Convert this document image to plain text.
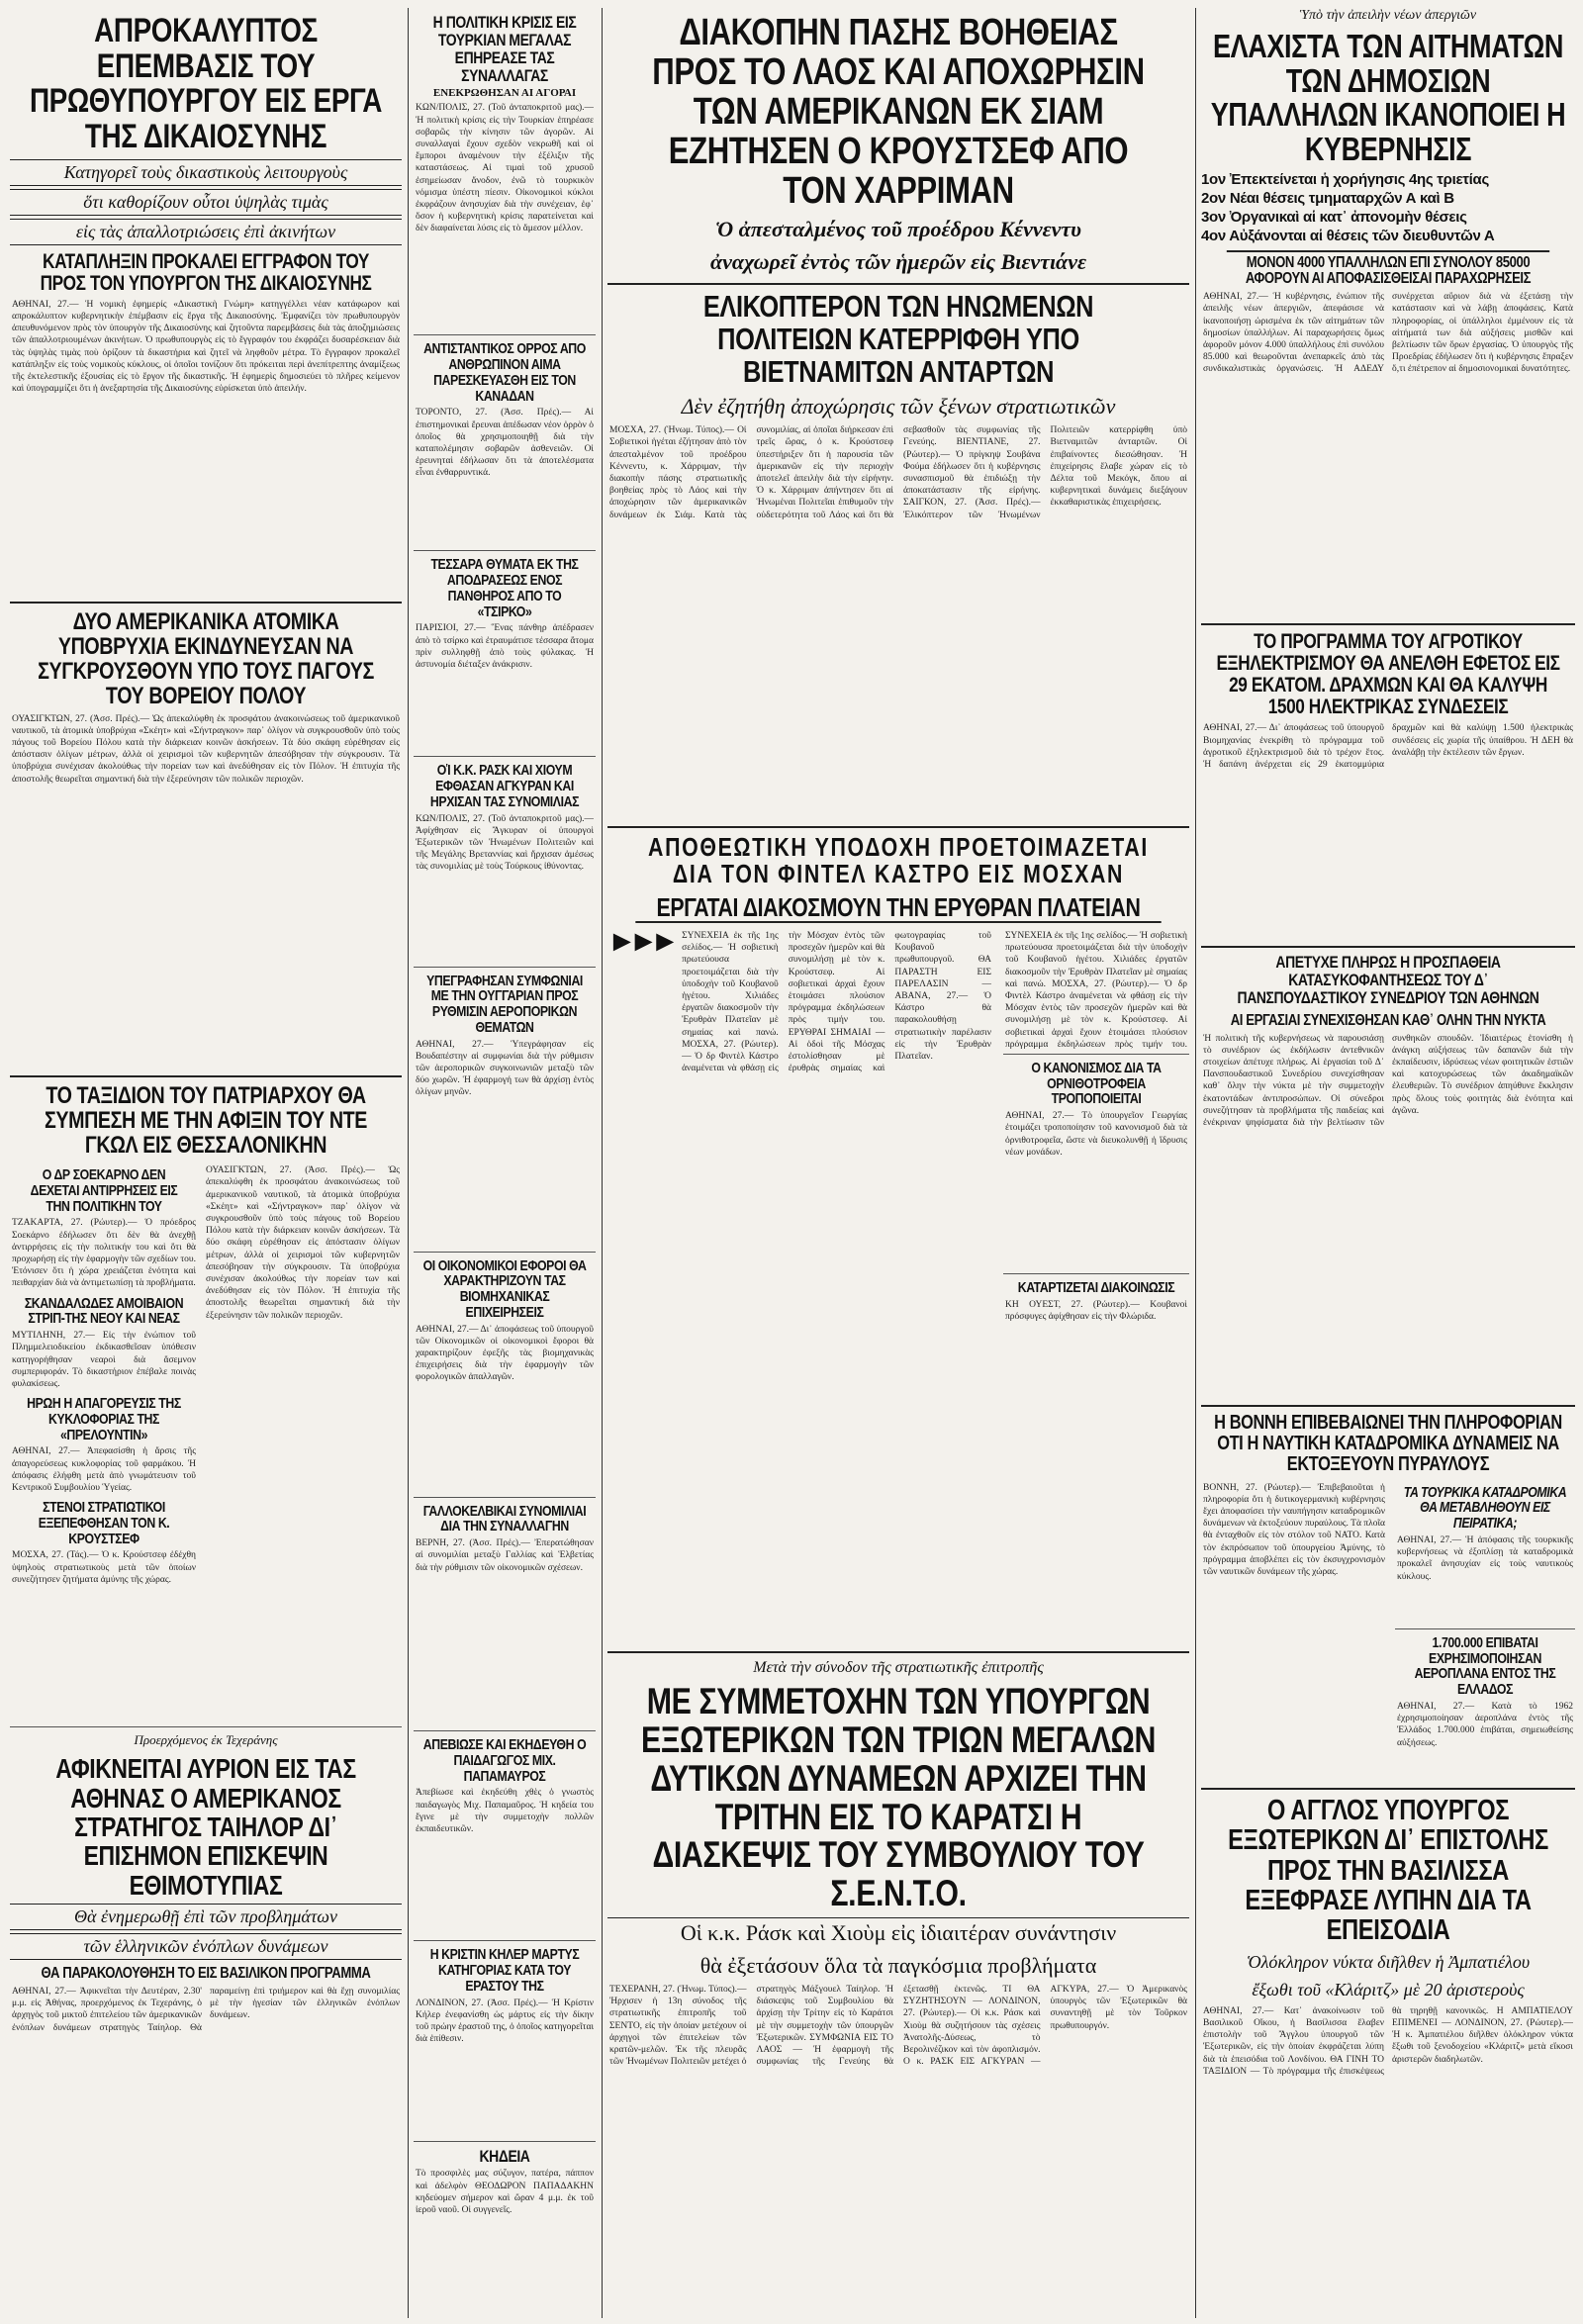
ΑΠΡΟΚΑΛΥΠΤΟΣ ΕΠΕΜΒΑΣΙΣ ΤΟΥ ΠΡΩΘΥΠΟΥΡΓΟΥ ΕΙΣ ΕΡΓΑ ΤΗΣ ΔΙΚΑΙΟΣΥΝΗΣ
Κατηγορεῖ τοὺς δικαστικοὺς λειτουργοὺς
ὅτι καθορίζουν οὗτοι ὑψηλὰς τιμὰς
εἰς τὰς ἀπαλλοτριώσεις ἐπὶ ἀκινήτων
ΚΑΤΑΠΛΗΞΙΝ ΠΡΟΚΑΛΕΙ ΕΓΓΡΑΦΟΝ ΤΟΥ ΠΡΟΣ ΤΟΝ ΥΠΟΥΡΓΟΝ ΤΗΣ ΔΙΚΑΙΟΣΥΝΗΣ
ΑΘΗΝΑΙ, 27.— Ἡ νομικὴ ἐφημερίς «Δικαστικὴ Γνώμη» κατηγγέλλει νέαν κατάφωρον καὶ απροκάλυπτον κυβερνητικὴν ἐπέμβασιν εἰς ἔργα τῆς Δικαιοσύνης. Ἐμφανίζει τὸν πρωθυπουργὸν ἀπευθυνόμενον πρὸς τὸν ὑπουργὸν τῆς Δικαιοσύνης καὶ ζητοῦντα παρεμβάσεις διὰ τὰς ἀποζημιώσεις τῶν ἀπαλλοτριουμένων ἀκινήτων. Ὁ πρωθυπουργὸς εἰς τὸ ἔγγραφόν του ἐκφράζει δυσαρέσκειαν διὰ τὰς ὑψηλὰς τιμὰς ποὺ ὁρίζουν τὰ δικαστήρια καὶ ζητεῖ νὰ ληφθοῦν μέτρα. Τὸ ἔγγραφον προκαλεῖ κατάπληξιν εἰς τοὺς νομικοὺς κύκλους, οἱ ὁποῖοι τονίζουν ὅτι πρόκειται περὶ ἀνεπίτρεπτης ἀναμίξεως τῆς ἐκτελεστικῆς ἐξουσίας εἰς τὸ ἔργον τῆς δικαστικῆς. Ἡ ἐφημερὶς δημοσιεύει τὸ πλῆρες κείμενον καὶ ὑπογραμμίζει ὅτι ἡ ἀνεξαρτησία τῆς Δικαιοσύνης εὑρίσκεται ὑπὸ ἀπειλήν.
ΔΥΟ ΑΜΕΡΙΚΑΝΙΚΑ ΑΤΟΜΙΚΑ ΥΠΟΒΡΥΧΙΑ ΕΚΙΝΔΥΝΕΥΣΑΝ ΝΑ ΣΥΓΚΡΟΥΣΘΟΥΝ ΥΠΟ ΤΟΥΣ ΠΑΓΟΥΣ ΤΟΥ ΒΟΡΕΙΟΥ ΠΟΛΟΥ
ΟΥΑΣΙΓΚΤΩΝ, 27. (Ἀσσ. Πρές).— Ὡς ἀπεκαλύφθη ἐκ προσφάτου ἀνακοινώσεως τοῦ ἀμερικανικοῦ ναυτικοῦ, τὰ ἀτομικὰ ὑποβρύχια «Σκέητ» καὶ «Σήντραγκον» παρ᾽ ὀλίγον νὰ συγκρουσθοῦν ὑπὸ τοὺς πάγους τοῦ Βορείου Πόλου κατὰ τὴν διάρκειαν κοινῶν ἀσκήσεων. Τὰ δύο σκάφη εὑρέθησαν εἰς ἀπόστασιν ὀλίγων μέτρων, ἀλλὰ οἱ χειρισμοὶ τῶν κυβερνητῶν ἀπεσόβησαν τὴν σύγκρουσιν. Τὰ ὑποβρύχια συνέχισαν ἀκολούθως τὴν πορείαν των καὶ ἀνεδύθησαν εἰς τὸν Πόλον. Ἡ ἐπιτυχία τῆς ἀποστολῆς θεωρεῖται σημαντική διὰ τὴν ἐξερεύνησιν τῶν πολικῶν περιοχῶν.
ΤΟ ΤΑΞΙΔΙΟΝ ΤΟΥ ΠΑΤΡΙΑΡΧΟΥ ΘΑ ΣΥΜΠΕΣΗ ΜΕ ΤΗΝ ΑΦΙΞΙΝ ΤΟΥ ΝΤΕ ΓΚΩΛ ΕΙΣ ΘΕΣΣΑΛΟΝΙΚΗΝ
Ο ΔΡ ΣΟΕΚΑΡΝΟ ΔΕΝ ΔΕΧΕΤΑΙ ΑΝΤΙΡΡΗΣΕΙΣ ΕΙΣ ΤΗΝ ΠΟΛΙΤΙΚΗΝ ΤΟΥ
ΤΖΑΚΑΡΤΑ, 27. (Ρώυτερ).— Ὁ πρόεδρος Σοεκάρνο ἐδήλωσεν ὅτι δὲν θὰ ἀνεχθῇ ἀντιρρήσεις εἰς τὴν πολιτικήν του καὶ ὅτι θὰ προχωρήσῃ εἰς τὴν ἐφαρμογὴν τῶν σχεδίων του. Ἐτόνισεν ὅτι ἡ χώρα χρειάζεται ἑνότητα καὶ πειθαρχίαν διὰ νὰ ἀντιμετωπίσῃ τὰ προβλήματα.
ΣΚΑΝΔΑΛΩΔΕΣ ΑΜΟΙΒΑΙΟΝ ΣΤΡΙΠ-ΤΗΣ ΝΕΟΥ ΚΑΙ ΝΕΑΣ
ΜΥΤΙΛΗΝΗ, 27.— Εἰς τὴν ἐνώπιον τοῦ Πλημμελειοδικείου ἐκδικασθεῖσαν ὑπόθεσιν κατηγορήθησαν νεαροὶ διὰ ἄσεμνον συμπεριφοράν. Τὸ δικαστήριον ἐπέβαλε ποινὰς φυλακίσεως.
ΗΡΩΗ Η ΑΠΑΓΟΡΕΥΣΙΣ ΤΗΣ ΚΥΚΛΟΦΟΡΙΑΣ ΤΗΣ «ΠΡΕΛΟΥΝΤΙΝ»
ΑΘΗΝΑΙ, 27.— Ἀπεφασίσθη ἡ ἄρσις τῆς ἀπαγορεύσεως κυκλοφορίας τοῦ φαρμάκου. Ἡ ἀπόφασις ἐλήφθη μετὰ ἀπὸ γνωμάτευσιν τοῦ Κεντρικοῦ Συμβουλίου Ὑγείας.
ΣΤΕΝΟΙ ΣΤΡΑΤΙΩΤΙΚΟΙ ΕΞΕΠΕΦΘΗΣΑΝ ΤΟΝ Κ. ΚΡΟΥΣΤΣΕΦ
ΜΟΣΧΑ, 27. (Τάς).— Ὁ κ. Κρούστσεφ ἐδέχθη ὑψηλοὺς στρατιωτικοὺς μετὰ τῶν ὁποίων συνεζήτησεν ζητήματα ἀμύνης τῆς χώρας.
ΟΥΑΣΙΓΚΤΩΝ, 27. (Ἀσσ. Πρές).— Ὡς ἀπεκαλύφθη ἐκ προσφάτου ἀνακοινώσεως τοῦ ἀμερικανικοῦ ναυτικοῦ, τὰ ἀτομικὰ ὑποβρύχια «Σκέητ» καὶ «Σήντραγκον» παρ᾽ ὀλίγον νὰ συγκρουσθοῦν ὑπὸ τοὺς πάγους τοῦ Βορείου Πόλου κατὰ τὴν διάρκειαν κοινῶν ἀσκήσεων. Τὰ δύο σκάφη εὑρέθησαν εἰς ἀπόστασιν ὀλίγων μέτρων, ἀλλὰ οἱ χειρισμοὶ τῶν κυβερνητῶν ἀπεσόβησαν τὴν σύγκρουσιν. Τὰ ὑποβρύχια συνέχισαν ἀκολούθως τὴν πορείαν των καὶ ἀνεδύθησαν εἰς τὸν Πόλον. Ἡ ἐπιτυχία τῆς ἀποστολῆς θεωρεῖται σημαντική διὰ τὴν ἐξερεύνησιν τῶν πολικῶν περιοχῶν.
Προερχόμενος ἐκ Τεχεράνης
ΑΦΙΚΝΕΙΤΑΙ ΑΥΡΙΟΝ ΕΙΣ ΤΑΣ ΑΘΗΝΑΣ Ο ΑΜΕΡΙΚΑΝΟΣ ΣΤΡΑΤΗΓΟΣ ΤΑΙΗΛΟΡ ΔΙ᾽ ΕΠΙΣΗΜΟΝ ΕΠΙΣΚΕΨΙΝ ΕΘΙΜΟΤΥΠΙΑΣ
Θὰ ἐνημερωθῇ ἐπὶ τῶν προβλημάτων
τῶν ἑλληνικῶν ἐνόπλων δυνάμεων
ΘΑ ΠΑΡΑΚΟΛΟΥΘΗΣΗ ΤΟ ΕΙΣ ΒΑΣΙΛΙΚΟΝ ΠΡΟΓΡΑΜΜΑ
ΑΘΗΝΑΙ, 27.— Ἀφικνεῖται τὴν Δευτέραν, 2.30' μ.μ. εἰς Ἀθήνας, προερχόμενος ἐκ Τεχεράνης, ὁ ἀρχηγὸς τοῦ μικτοῦ ἐπιτελείου τῶν ἀμερικανικῶν ἐνόπλων δυνάμεων στρατηγὸς Ταίηλορ. Θὰ παραμείνῃ ἐπὶ τριήμερον καὶ θὰ ἔχῃ συνομιλίας μὲ τὴν ἡγεσίαν τῶν ἑλληνικῶν ἐνόπλων δυνάμεων.
Η ΠΟΛΙΤΙΚΗ ΚΡΙΣΙΣ ΕΙΣ ΤΟΥΡΚΙΑΝ ΜΕΓΑΛΑΣ ΕΠΗΡΕΑΣΕ ΤΑΣ ΣΥΝΑΛΛΑΓΑΣ
ΕΝΕΚΡΩΘΗΣΑΝ ΑΙ ΑΓΟΡΑΙ
ΚΩΝ/ΠΟΛΙΣ, 27. (Τοῦ ἀνταποκριτοῦ μας).— Ἡ πολιτικὴ κρίσις εἰς τὴν Τουρκίαν ἐπηρέασε σοβαρῶς τὴν κίνησιν τῶν ἀγορῶν. Αἱ συναλλαγαὶ ἔχουν σχεδὸν νεκρωθῆ καὶ οἱ ἔμποροι ἀναμένουν τὴν ἐξέλιξιν τῆς καταστάσεως. Αἱ τιμαὶ τοῦ χρυσοῦ ἐσημείωσαν ἄνοδον, ἐνῶ τὸ τουρκικὸν νόμισμα ὑπέστη πίεσιν. Οἰκονομικοὶ κύκλοι ἐκφράζουν ἀνησυχίαν διὰ τὴν συνέχειαν, ἐφ᾽ ὅσον ἡ κυβερνητικὴ κρίσις παρατείνεται καὶ δὲν διαφαίνεται λύσις εἰς τὸ ἄμεσον μέλλον.
ΑΝΤΙΣΤΑΝΤΙΚΟΣ ΟΡΡΟΣ ΑΠΟ ΑΝΘΡΩΠΙΝΟΝ ΑΙΜΑ ΠΑΡΕΣΚΕΥΑΣΘΗ ΕΙΣ ΤΟΝ ΚΑΝΑΔΑΝ
ΤΟΡΟΝΤΟ, 27. (Ἀσσ. Πρές).— Αἱ ἐπιστημονικαὶ ἔρευναι ἀπέδωσαν νέον ὀρρὸν ὁ ὁποῖος θὰ χρησιμοποιηθῇ διὰ τὴν καταπολέμησιν σοβαρῶν ἀσθενειῶν. Οἱ ἐρευνηταὶ ἐδήλωσαν ὅτι τὰ ἀποτελέσματα εἶναι ἐνθαρρυντικά.
ΤΕΣΣΑΡΑ ΘΥΜΑΤΑ ΕΚ ΤΗΣ ΑΠΟΔΡΑΣΕΩΣ ΕΝΟΣ ΠΑΝΘΗΡΟΣ ΑΠΟ ΤΟ «ΤΣΙΡΚΟ»
ΠΑΡΙΣΙΟΙ, 27.— Ἕνας πάνθηρ ἀπέδρασεν ἀπὸ τὸ τσίρκο καὶ ἐτραυμάτισε τέσσαρα ἄτομα πρὶν συλληφθῇ ἀπὸ τοὺς φύλακας. Ἡ ἀστυνομία διέταξεν ἀνάκρισιν.
ΟἹ Κ.Κ. ΡΑΣΚ ΚΑΙ ΧΙΟΥΜ ΕΦΘΑΣΑΝ ΑΓΚΥΡΑΝ ΚΑΙ ΗΡΧΙΣΑΝ ΤΑΣ ΣΥΝΟΜΙΛΙΑΣ
ΚΩΝ/ΠΟΛΙΣ, 27. (Τοῦ ἀνταποκριτοῦ μας).— Ἀφίχθησαν εἰς Ἄγκυραν οἱ ὑπουργοὶ Ἐξωτερικῶν τῶν Ἡνωμένων Πολιτειῶν καὶ τῆς Μεγάλης Βρεταννίας καὶ ἤρχισαν ἀμέσως τὰς συνομιλίας μὲ τοὺς Τούρκους ἰθύνοντας.
ΥΠΕΓΡΑΦΗΣΑΝ ΣΥΜΦΩΝΙΑΙ ΜΕ ΤΗΝ ΟΥΓΓΑΡΙΑΝ ΠΡΟΣ ΡΥΘΜΙΣΙΝ ΑΕΡΟΠΟΡΙΚΩΝ ΘΕΜΑΤΩΝ
ΑΘΗΝΑΙ, 27.— Ὑπεγράφησαν εἰς Βουδαπέστην αἱ συμφωνίαι διὰ τὴν ρύθμισιν τῶν ἀεροπορικῶν συγκοινωνιῶν μεταξὺ τῶν δύο χωρῶν. Ἡ ἐφαρμογή των θὰ ἀρχίσῃ ἐντὸς ὀλίγων μηνῶν.
ΟΙ ΟΙΚΟΝΟΜΙΚΟΙ ΕΦΟΡΟΙ ΘΑ ΧΑΡΑΚΤΗΡΙΖΟΥΝ ΤΑΣ ΒΙΟΜΗΧΑΝΙΚΑΣ ΕΠΙΧΕΙΡΗΣΕΙΣ
ΑΘΗΝΑΙ, 27.— Δι᾽ ἀποφάσεως τοῦ ὑπουργοῦ τῶν Οἰκονομικῶν οἱ οἰκονομικοὶ ἔφοροι θὰ χαρακτηρίζουν ἐφεξῆς τὰς βιομηχανικὰς ἐπιχειρήσεις διὰ τὴν ἐφαρμογὴν τῶν φορολογικῶν ἀπαλλαγῶν.
ΓΑΛΛΟΚΕΛΒΙΚΑΙ ΣΥΝΟΜΙΛΙΑΙ ΔΙΑ ΤΗΝ ΣΥΝΑΛΛΑΓΗΝ
ΒΕΡΝΗ, 27. (Ἀσσ. Πρές).— Ἐπερατώθησαν αἱ συνομιλίαι μεταξὺ Γαλλίας καὶ Ἑλβετίας διὰ τὴν ρύθμισιν τῶν οἰκονομικῶν σχέσεων.
ΑΠΕΒΙΩΣΕ ΚΑΙ ΕΚΗΔΕΥΘΗ Ο ΠΑΙΔΑΓΩΓΟΣ ΜΙΧ. ΠΑΠΑΜΑΥΡΟΣ
Ἀπεβίωσε καὶ ἐκηδεύθη χθὲς ὁ γνωστὸς παιδαγωγὸς Μιχ. Παπαμαῦρος. Ἡ κηδεία του ἔγινε μὲ τὴν συμμετοχὴν πολλῶν ἐκπαιδευτικῶν.
Η ΚΡΙΣΤΙΝ ΚΗΛΕΡ ΜΑΡΤΥΣ ΚΑΤΗΓΟΡΙΑΣ ΚΑΤΑ ΤΟΥ ΕΡΑΣΤΟΥ ΤΗΣ
ΛΟΝΔΙΝΟΝ, 27. (Ἀσσ. Πρές).— Ἡ Κρίστιν Κήλερ ἐνεφανίσθη ὡς μάρτυς εἰς τὴν δίκην τοῦ πρώην ἐραστοῦ της, ὁ ὁποῖος κατηγορεῖται διὰ ἐπίθεσιν.
ΚΗΔΕΙΑ
Τὸ προσφιλὲς μας σύζυγον, πατέρα, πάππον καὶ ἀδελφὸν ΘΕΟΔΩΡΟΝ ΠΑΠΑΔΑΚΗΝ κηδεύομεν σήμερον καὶ ὥραν 4 μ.μ. ἐκ τοῦ ἱεροῦ ναοῦ. Οἱ συγγενεῖς.
ΔΙΑΚΟΠΗΝ ΠΑΣΗΣ ΒΟΗΘΕΙΑΣ ΠΡΟΣ ΤΟ ΛΑΟΣ ΚΑΙ ΑΠΟΧΩΡΗΣΙΝ ΤΩΝ ΑΜΕΡΙΚΑΝΩΝ ΕΚ ΣΙΑΜ ΕΖΗΤΗΣΕΝ Ο ΚΡΟΥΣΤΣΕΦ ΑΠΟ ΤΟΝ ΧΑΡΡΙΜΑΝ
Ὁ ἀπεσταλμένος τοῦ προέδρου Κέννεντυ
ἀναχωρεῖ ἐντὸς τῶν ἡμερῶν εἰς Βιεντιάνε
ΕΛΙΚΟΠΤΕΡΟΝ ΤΩΝ ΗΝΩΜΕΝΩΝ ΠΟΛΙΤΕΙΩΝ ΚΑΤΕΡΡΙΦΘΗ ΥΠΟ ΒΙΕΤΝΑΜΙΤΩΝ ΑΝΤΑΡΤΩΝ
Δὲν ἐζητήθη ἀποχώρησις τῶν ξένων στρατιωτικῶν
ΜΟΣΧΑ, 27. (Ἡνωμ. Τύπος).— Οἱ Σοβιετικοὶ ἡγέται ἐζήτησαν ἀπὸ τὸν ἀπεσταλμένον τοῦ προέδρου Κέννεντυ, κ. Χάρριμαν, τὴν διακοπὴν πάσης στρατιωτικῆς βοηθείας πρὸς τὸ Λάος καὶ τὴν ἀποχώρησιν τῶν ἀμερικανικῶν δυνάμεων ἐκ Σιάμ. Κατὰ τὰς συνομιλίας, αἱ ὁποῖαι διήρκεσαν ἐπὶ τρεῖς ὥρας, ὁ κ. Κρούστσεφ ὑπεστήριξεν ὅτι ἡ παρουσία τῶν ἀμερικανῶν εἰς τὴν περιοχὴν ἀποτελεῖ ἀπειλὴν διὰ τὴν εἰρήνην. Ὁ κ. Χάρριμαν ἀπήντησεν ὅτι αἱ Ἡνωμέναι Πολιτεῖαι ἐπιθυμοῦν τὴν οὐδετερότητα τοῦ Λάος καὶ ὅτι θὰ σεβασθοῦν τὰς συμφωνίας τῆς Γενεύης. ΒΙΕΝΤΙΑΝΕ, 27. (Ρώυτερ).— Ὁ πρίγκηψ Σουβάνα Φούμα ἐδήλωσεν ὅτι ἡ κυβέρνησις συνασπισμοῦ θὰ ἐπιδιώξῃ τὴν ἀποκατάστασιν τῆς εἰρήνης. ΣΑΙΓΚΟΝ, 27. (Ἀσσ. Πρές).— Ἑλικόπτερον τῶν Ἡνωμένων Πολιτειῶν κατερρίφθη ὑπὸ Βιετναμιτῶν ἀνταρτῶν. Οἱ ἐπιβαίνοντες διεσώθησαν. Ἡ ἐπιχείρησις ἔλαβε χώραν εἰς τὸ Δέλτα τοῦ Μεκόγκ, ὅπου αἱ κυβερνητικαὶ δυνάμεις διεξάγουν ἐκκαθαριστικὰς ἐπιχειρήσεις.
ΑΠΟΘΕΩΤΙΚΗ ΥΠΟΔΟΧΗ ΠΡΟΕΤΟΙΜΑΖΕΤΑΙ ΔΙΑ ΤΟΝ ΦΙΝΤΕΛ ΚΑΣΤΡΟ ΕΙΣ ΜΟΣΧΑΝ
ΕΡΓΑΤΑΙ ΔΙΑΚΟΣΜΟΥΝ ΤΗΝ ΕΡΥΘΡΑΝ ΠΛΑΤΕΙΑΝ
►►► ΣΥΝΕΧΕΙΑ ἐκ τῆς 1ης σελίδος.— Ἡ σοβιετικὴ πρωτεύουσα προετοιμάζεται διὰ τὴν ὑποδοχὴν τοῦ Κουβανοῦ ἡγέτου. Χιλιάδες ἐργατῶν διακοσμοῦν τὴν Ἐρυθρὰν Πλατεῖαν μὲ σημαίας καὶ πανώ. ΜΟΣΧΑ, 27. (Ρώυτερ).— Ὁ δρ Φιντὲλ Κάστρο ἀναμένεται νὰ φθάσῃ εἰς τὴν Μόσχαν ἐντὸς τῶν προσεχῶν ἡμερῶν καὶ θὰ συνομιλήσῃ μὲ τὸν κ. Κρούστσεφ. Αἱ σοβιετικαὶ ἀρχαὶ ἔχουν ἑτοιμάσει πλούσιον πρόγραμμα ἐκδηλώσεων πρὸς τιμήν του. ΕΡΥΘΡΑΙ ΣΗΜΑΙΑΙ — Αἱ ὁδοὶ τῆς Μόσχας ἐστολίσθησαν μὲ ἐρυθρὰς σημαίας καὶ φωτογραφίας τοῦ Κουβανοῦ πρωθυπουργοῦ. ΘΑ ΠΑΡΑΣΤΗ ΕΙΣ ΠΑΡΕΛΑΣΙΝ — ΑΒΑΝΑ, 27.— Ὁ Κάστρο θὰ παρακολουθήσῃ στρατιωτικὴν παρέλασιν εἰς τὴν Ἐρυθρὰν Πλατεῖαν.
ΣΥΝΕΧΕΙΑ ἐκ τῆς 1ης σελίδος.— Ἡ σοβιετικὴ πρωτεύουσα προετοιμάζεται διὰ τὴν ὑποδοχὴν τοῦ Κουβανοῦ ἡγέτου. Χιλιάδες ἐργατῶν διακοσμοῦν τὴν Ἐρυθρὰν Πλατεῖαν μὲ σημαίας καὶ πανώ. ΜΟΣΧΑ, 27. (Ρώυτερ).— Ὁ δρ Φιντὲλ Κάστρο ἀναμένεται νὰ φθάσῃ εἰς τὴν Μόσχαν ἐντὸς τῶν προσεχῶν ἡμερῶν καὶ θὰ συνομιλήσῃ μὲ τὸν κ. Κρούστσεφ. Αἱ σοβιετικαὶ ἀρχαὶ ἔχουν ἑτοιμάσει πλούσιον πρόγραμμα ἐκδηλώσεων πρὸς τιμήν του.
Ο ΚΑΝΟΝΙΣΜΟΣ ΔΙΑ ΤΑ ΟΡΝΙΘΟΤΡΟΦΕΙΑ ΤΡΟΠΟΠΟΙΕΙΤΑΙ
ΑΘΗΝΑΙ, 27.— Τὸ ὑπουργεῖον Γεωργίας ἐτοιμάζει τροποποίησιν τοῦ κανονισμοῦ διὰ τὰ ὀρνιθοτροφεῖα, ὥστε νὰ διευκολυνθῇ ἡ ἵδρυσις νέων μονάδων.
ΚΑΤΑΡΤΙΖΕΤΑΙ ΔΙΑΚΟΙΝΩΣΙΣ
ΚΗ ΟΥΕΣΤ, 27. (Ρώυτερ).— Κουβανοὶ πρόσφυγες ἀφίχθησαν εἰς τὴν Φλώριδα.
Μετὰ τὴν σύνοδον τῆς στρατιωτικῆς ἐπιτροπῆς
ΜΕ ΣΥΜΜΕΤΟΧΗΝ ΤΩΝ ΥΠΟΥΡΓΩΝ ΕΞΩΤΕΡΙΚΩΝ ΤΩΝ ΤΡΙΩΝ ΜΕΓΑΛΩΝ ΔΥΤΙΚΩΝ ΔΥΝΑΜΕΩΝ ΑΡΧΙΖΕΙ ΤΗΝ ΤΡΙΤΗΝ ΕΙΣ ΤΟ ΚΑΡΑΤΣΙ Η ΔΙΑΣΚΕΨΙΣ ΤΟΥ ΣΥΜΒΟΥΛΙΟΥ ΤΟΥ Σ.Ε.Ν.Τ.Ο.
Οἱ κ.κ. Ράσκ καὶ Χιοὺμ εἰς ἰδιαιτέραν συνάντησιν
θὰ ἐξετάσουν ὅλα τὰ παγκόσμια προβλήματα
ΤΕΧΕΡΑΝΗ, 27. (Ἡνωμ. Τύπος).— Ἠρχισεν ἡ 13η σύνοδος τῆς στρατιωτικῆς ἐπιτροπῆς τοῦ ΣΕΝΤΟ, εἰς τὴν ὁποίαν μετέχουν οἱ ἀρχηγοὶ τῶν ἐπιτελείων τῶν κρατῶν-μελῶν. Ἐκ τῆς πλευρᾶς τῶν Ἡνωμένων Πολιτειῶν μετέχει ὁ στρατηγὸς Μάξγουελ Ταίηλορ. Ἡ διάσκεψις τοῦ Συμβουλίου θὰ ἀρχίσῃ τὴν Τρίτην εἰς τὸ Καράτσι μὲ τὴν συμμετοχὴν τῶν ὑπουργῶν Ἐξωτερικῶν. ΣΥΜΦΩΝΙΑ ΕΙΣ ΤΟ ΛΑΟΣ — Ἡ ἐφαρμογὴ τῆς συμφωνίας τῆς Γενεύης θὰ ἐξετασθῇ ἐκτενῶς. ΤΙ ΘΑ ΣΥΖΗΤΗΣΟΥΝ — ΛΟΝΔΙΝΟΝ, 27. (Ρώυτερ).— Οἱ κ.κ. Ράσκ καὶ Χιοὺμ θὰ συζητήσουν τὰς σχέσεις Ἀνατολῆς-Δύσεως, τὸ Βερολινέζικον καὶ τὸν ἀφοπλισμόν. Ο κ. ΡΑΣΚ ΕΙΣ ΑΓΚΥΡΑΝ — ΑΓΚΥΡΑ, 27.— Ὁ Ἀμερικανὸς ὑπουργὸς τῶν Ἐξωτερικῶν θὰ συναντηθῇ μὲ τὸν Τοῦρκον πρωθυπουργόν.
Ὑπὸ τὴν ἀπειλὴν νέων ἀπεργιῶν
ΕΛΑΧΙΣΤΑ ΤΩΝ ΑΙΤΗΜΑΤΩΝ ΤΩΝ ΔΗΜΟΣΙΩΝ ΥΠΑΛΛΗΛΩΝ ΙΚΑΝΟΠΟΙΕΙ Η ΚΥΒΕΡΝΗΣΙΣ
1ον Ἐπεκτείνεται ἡ χορήγησις 4ης τριετίας
2ον Νέαι θέσεις τμηματαρχῶν Α καὶ Β
3ον Ὀργανικαὶ αἱ κατ᾽ ἀπονομὴν θέσεις
4ον Αὐξάνονται αἱ θέσεις τῶν διευθυντῶν Α
ΜΟΝΟΝ 4000 ΥΠΑΛΛΗΛΩΝ ΕΠΙ ΣΥΝΟΛΟΥ 85000 ΑΦΟΡΟΥΝ ΑΙ ΑΠΟΦΑΣΙΣΘΕΙΣΑΙ ΠΑΡΑΧΩΡΗΣΕΙΣ
ΑΘΗΝΑΙ, 27.— Ἡ κυβέρνησις, ἐνώπιον τῆς ἀπειλῆς νέων ἀπεργιῶν, ἀπεφάσισε νὰ ἱκανοποιήσῃ ὡρισμένα ἐκ τῶν αἰτημάτων τῶν δημοσίων ὑπαλλήλων. Αἱ παραχωρήσεις ὅμως ἀφοροῦν μόνον 4.000 ὑπαλλήλους ἐπὶ συνόλου 85.000 καὶ θεωροῦνται ἀνεπαρκεῖς ἀπὸ τὰς συνδικαλιστικὰς ὀργανώσεις. Ἡ ΑΔΕΔΥ συνέρχεται αὔριον διὰ νὰ ἐξετάσῃ τὴν κατάστασιν καὶ νὰ λάβῃ ἀποφάσεις. Κατὰ πληροφορίας, οἱ ὑπάλληλοι ἐμμένουν εἰς τὰ αἰτήματά των διὰ αὐξήσεις μισθῶν καὶ βελτίωσιν τῶν ὅρων ἐργασίας. Ὁ ὑπουργὸς τῆς Προεδρίας ἐδήλωσεν ὅτι ἡ κυβέρνησις ἔπραξεν ὅ,τι ἐπέτρεπον αἱ δημοσιονομικαὶ δυνατότητες.
ΤΟ ΠΡΟΓΡΑΜΜΑ ΤΟΥ ΑΓΡΟΤΙΚΟΥ ΕΞΗΛΕΚΤΡΙΣΜΟΥ ΘΑ ΑΝΕΛΘΗ ΕΦΕΤΟΣ ΕΙΣ 29 ΕΚΑΤΟΜ. ΔΡΑΧΜΩΝ ΚΑΙ ΘΑ ΚΑΛΥΨΗ 1500 ΗΛΕΚΤΡΙΚΑΣ ΣΥΝΔΕΣΕΙΣ
ΑΘΗΝΑΙ, 27.— Δι᾽ ἀποφάσεως τοῦ ὑπουργοῦ Βιομηχανίας ἐνεκρίθη τὸ πρόγραμμα τοῦ ἀγροτικοῦ ἐξηλεκτρισμοῦ διὰ τὸ τρέχον ἔτος. Ἡ δαπάνη ἀνέρχεται εἰς 29 ἑκατομμύρια δραχμῶν καὶ θὰ καλύψῃ 1.500 ἠλεκτρικὰς συνδέσεις εἰς χωρία τῆς ὑπαίθρου. Ἡ ΔΕΗ θὰ ἀναλάβῃ τὴν ἐκτέλεσιν τῶν ἔργων.
ΑΠΕΤΥΧΕ ΠΛΗΡΩΣ Η ΠΡΟΣΠΑΘΕΙΑ ΚΑΤΑΣΥΚΟΦΑΝΤΗΣΕΩΣ ΤΟΥ Δ᾽ ΠΑΝΣΠΟΥΔΑΣΤΙΚΟΥ ΣΥΝΕΔΡΙΟΥ ΤΩΝ ΑΘΗΝΩΝ
ΑΙ ΕΡΓΑΣΙΑΙ ΣΥΝΕΧΙΣΘΗΣΑΝ ΚΑΘ᾽ ΟΛΗΝ ΤΗΝ ΝΥΚΤΑ
Ἡ πολιτικὴ τῆς κυβερνήσεως νὰ παρουσιάσῃ τὸ συνέδριον ὡς ἐκδήλωσιν ἀντεθνικῶν στοιχείων ἀπέτυχε πλήρως. Αἱ ἐργασίαι τοῦ Δ᾽ Πανσπουδαστικοῦ Συνεδρίου συνεχίσθησαν καθ᾽ ὅλην τὴν νύκτα μὲ τὴν συμμετοχὴν ἑκατοντάδων ἀντιπροσώπων. Οἱ σύνεδροι συνεζήτησαν τὰ προβλήματα τῆς παιδείας καὶ ἐνέκριναν ψηφίσματα διὰ τὴν βελτίωσιν τῶν συνθηκῶν σπουδῶν. Ἰδιαιτέρως ἐτονίσθη ἡ ἀνάγκη αὐξήσεως τῶν δαπανῶν διὰ τὴν ἐκπαίδευσιν, ἱδρύσεως νέων φοιτητικῶν ἑστιῶν καὶ κατοχυρώσεως τῶν ἀκαδημαϊκῶν ἐλευθεριῶν. Τὸ συνέδριον ἀπηύθυνε ἔκκλησιν πρὸς ὅλους τοὺς φοιτητὰς διὰ ἑνότητα καὶ ἀγῶνα.
Η ΒΟΝΝΗ ΕΠΙΒΕΒΑΙΩΝΕΙ ΤΗΝ ΠΛΗΡΟΦΟΡΙΑΝ ΟΤΙ Η ΝΑΥΤΙΚΗ ΚΑΤΑΔΡΟΜΙΚΑ ΔΥΝΑΜΕΙΣ ΝΑ ΕΚΤΟΞΕΥΟΥΝ ΠΥΡΑΥΛΟΥΣ
ΒΟΝΝΗ, 27. (Ρώυτερ).— Ἐπιβεβαιοῦται ἡ πληροφορία ὅτι ἡ δυτικογερμανικὴ κυβέρνησις ἔχει ἀποφασίσει τὴν ναυπήγησιν καταδρομικῶν δυνάμενων νὰ ἐκτοξεύουν πυραύλους. Τὰ πλοῖα θὰ ἐνταχθοῦν εἰς τὸν στόλον τοῦ ΝΑΤΟ. Κατὰ τὸν ἐκπρόσωπον τοῦ ὑπουργείου Ἀμύνης, τὸ πρόγραμμα ἀποβλέπει εἰς τὸν ἐκσυγχρονισμὸν τῶν ναυτικῶν δυνάμεων τῆς χώρας.
ΤΑ ΤΟΥΡΚΙΚΑ ΚΑΤΑΔΡΟΜΙΚΑ ΘΑ ΜΕΤΑΒΛΗΘΟΥΝ ΕΙΣ ΠΕΙΡΑΤΙΚΑ;
ΑΘΗΝΑΙ, 27.— Ἡ ἀπόφασις τῆς τουρκικῆς κυβερνήσεως νὰ ἐξοπλίσῃ τὰ καταδρομικὰ προκαλεῖ ἀνησυχίαν εἰς τοὺς ναυτικοὺς κύκλους.
1.700.000 ΕΠΙΒΑΤΑΙ ΕΧΡΗΣΙΜΟΠΟΙΗΣΑΝ ΑΕΡΟΠΛΑΝΑ ΕΝΤΟΣ ΤΗΣ ΕΛΛΑΔΟΣ
ΑΘΗΝΑΙ, 27.— Κατὰ τὸ 1962 ἐχρησιμοποίησαν ἀεροπλάνα ἐντὸς τῆς Ἑλλάδος 1.700.000 ἐπιβάται, σημειωθείσης αὐξήσεως.
Ο ΑΓΓΛΟΣ ΥΠΟΥΡΓΟΣ ΕΞΩΤΕΡΙΚΩΝ ΔΙ᾽ ΕΠΙΣΤΟΛΗΣ ΠΡΟΣ ΤΗΝ ΒΑΣΙΛΙΣΣΑ ΕΞΕΦΡΑΣΕ ΛΥΠΗΝ ΔΙΑ ΤΑ ΕΠΕΙΣΟΔΙΑ
Ὁλόκληρον νύκτα διῆλθεν ἡ Ἀμπατιέλου
ἔξωθι τοῦ «Κλάριτζ» μὲ 20 ἀριστεροὺς
ΑΘΗΝΑΙ, 27.— Κατ᾽ ἀνακοίνωσιν τοῦ Βασιλικοῦ Οἴκου, ἡ Βασίλισσα ἔλαβεν ἐπιστολὴν τοῦ Ἄγγλου ὑπουργοῦ τῶν Ἐξωτερικῶν, εἰς τὴν ὁποίαν ἐκφράζεται λύπη διὰ τὰ ἐπεισόδια τοῦ Λονδίνου. ΘΑ ΓΙΝΗ ΤΟ ΤΑΞΙΔΙΟΝ — Τὸ πρόγραμμα τῆς ἐπισκέψεως θὰ τηρηθῇ κανονικῶς. Η ΑΜΠΑΤΙΕΛΟΥ ΕΠΙΜΕΝΕΙ — ΛΟΝΔΙΝΟΝ, 27. (Ρώυτερ).— Ἡ κ. Ἀμπατιέλου διῆλθεν ὁλόκληρον νύκτα ἔξωθι τοῦ ξενοδοχείου «Κλάριτζ» μετὰ εἴκοσι ἀριστερῶν διαδηλωτῶν.
